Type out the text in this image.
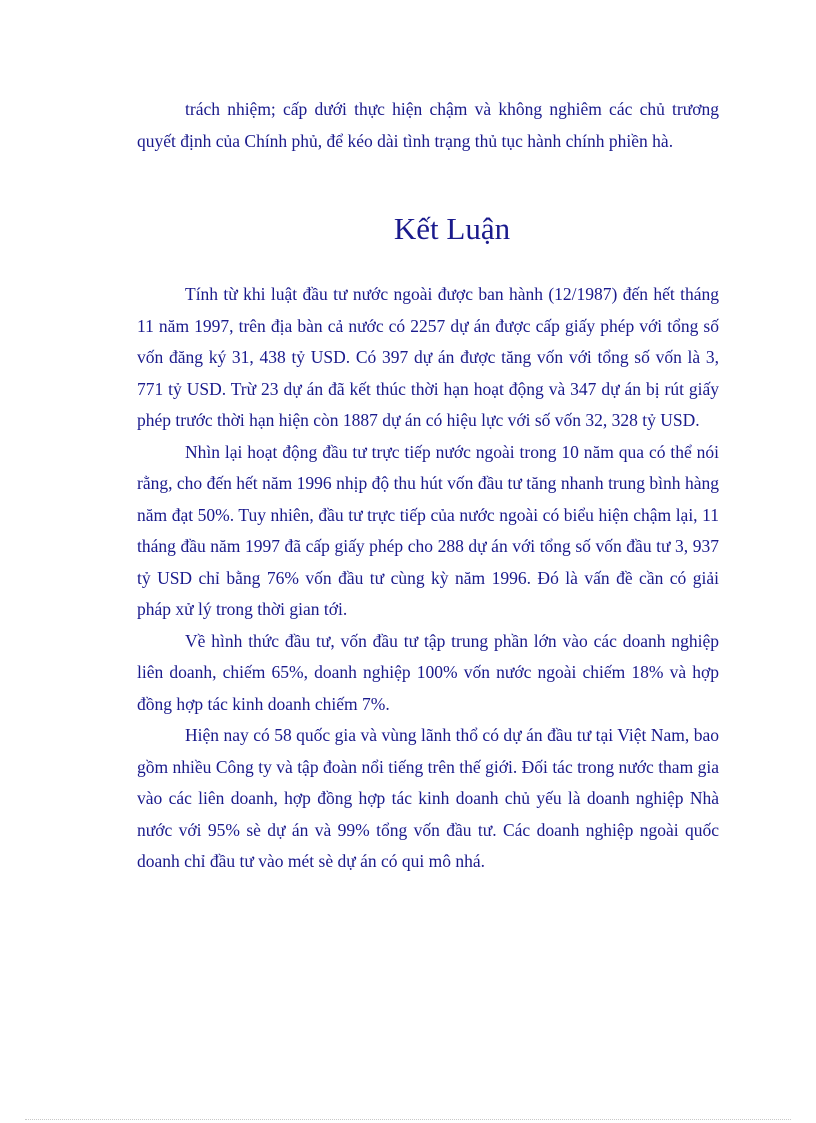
trách nhiệm; cấp dưới thực hiện chậm và không nghiêm các chủ trương quyết định của Chính phủ, để kéo dài tình trạng thủ tục hành chính phiền hà.

Kết Luận

Tính từ khi luật đầu tư nước ngoài được ban hành (12/1987) đến hết tháng 11 năm 1997, trên địa bàn cả nước có 2257 dự án được cấp giấy phép với tổng số vốn đăng ký 31, 438 tỷ USD. Có 397 dự án được tăng vốn với tổng số vốn là 3, 771 tỷ USD. Trừ 23 dự án đã kết thúc thời hạn hoạt động và 347 dự án bị rút giấy phép trước thời hạn hiện còn 1887 dự án có hiệu lực với số vốn 32, 328 tỷ USD.

Nhìn lại hoạt động đầu tư trực tiếp nước ngoài trong 10 năm qua có thể nói rằng, cho đến hết năm 1996 nhịp độ thu hút vốn đầu tư tăng nhanh trung bình hàng năm đạt 50%. Tuy nhiên, đầu tư trực tiếp của nước ngoài có biểu hiện chậm lại, 11 tháng đầu năm 1997 đã cấp giấy phép cho 288 dự án với tổng số vốn đầu tư 3, 937 tỷ USD chỉ bằng 76% vốn đầu tư cùng kỳ năm 1996. Đó là vấn đề cần có giải pháp xử lý trong thời gian tới.

Về hình thức đầu tư, vốn đầu tư tập trung phần lớn vào các doanh nghiệp liên doanh, chiếm 65%, doanh nghiệp 100% vốn nước ngoài chiếm 18% và hợp đồng hợp tác kinh doanh chiếm 7%.

Hiện nay có 58 quốc gia và vùng lãnh thổ có dự án đầu tư tại Việt Nam, bao gồm nhiều Công ty và tập đoàn nổi tiếng trên thế giới. Đối tác trong nước tham gia vào các liên doanh, hợp đồng hợp tác kinh doanh chủ yếu là doanh nghiệp Nhà nước với 95% sè dự án và 99% tổng vốn đầu tư. Các doanh nghiệp ngoài quốc doanh chỉ đầu tư vào mét sè dự án có qui mô nhá.
